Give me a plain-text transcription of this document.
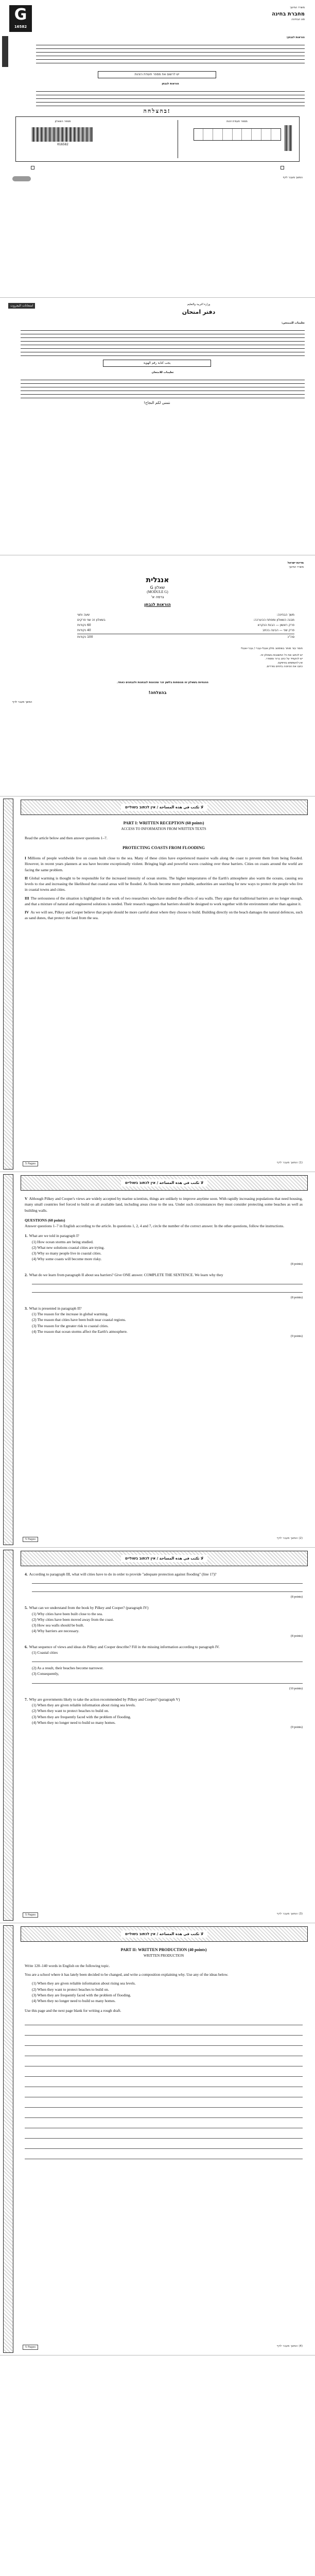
G
16582
משרד החינוך
מחברת בחינה
סוג הבחינה:
הוראות לנבחן:
יש לרשום את מספר תעודת הזהות
הוראות לנבחן
בהצלחה!
מספר השאלון
016582
מספר תעודת זהות
המשך מעבר לדף
امتحانات البجروت	وزارة التربية والتعليم
دفتر امتحان
تعليمات للممتحن:
يجب كتابة رقم الهوية
تعليمات للامتحان
نتمنى لكم النجاح!
מדינת ישראל
משרד החינוך
אנגלית
שאלון G
(MODULE G)
גרסה א'
הוראות לנבחן
משך הבחינה:
שעה וחצי
מבנה השאלון ומפתח ההערכה:
בשאלון זה שני פרקים
פרק ראשון — הבנת הנקרא
60 נקודות
פרק שני — הבעה בכתב
40 נקודות
סה"כ
100 נקודות
חומר עזר מותר בשימוש: מילון אנגלי-עברי / עברי-אנגלי
יש לכתוב את כל התשובות בשאלון זה.
יש להקפיד על כתב ברור ומסודר.
אין להשתמש בטיפקס.
כתבו את הטיוטה בדפים נפרדים.
ההנחיות בשאלון זה מנוסחות בלשון זכר ומכוונות לנבחנות ולנבחנים כאחד.
בהצלחה!
המשך מעבר לדף
لا تكتب في هذه المساحة / אין לכתוב בשוליים
PART I: WRITTEN RECEPTION (60 points)
ACCESS TO INFORMATION FROM WRITTEN TEXTS
Read the article below and then answer questions 1–7.
PROTECTING COASTS FROM FLOODING

I Millions of people worldwide live on coasts built close to the sea. Many of these cities have experienced massive walls along the coast to prevent them from being flooded. However, in recent years planners at sea have become exceptionally violent. Bringing high and powerful waves crashing over these barriers. Cities on coasts around the world are facing the same problem.

II Global warming is thought to be responsible for the increased intensity of ocean storms. The higher temperatures of the Earth's atmosphere also warm the oceans, causing sea levels to rise and increasing the likelihood that coastal areas will be flooded. As floods become more probable, authorities are searching for new ways to protect the people who live in coastal towns and cities.

III The seriousness of the situation is highlighted in the work of two researchers who have studied the effects of sea walls. They argue that traditional barriers are no longer enough, and that a mixture of natural and engineered solutions is needed. Their research suggests that barriers should be designed to work together with the environment rather than against it.

IV As we will see, Pilkey and Cooper believe that people should be more careful about where they choose to build. Building directly on the beach damages the natural defences, such as sand dunes, that protect the land from the sea.

5 Pages	(1) המשך מעבר לדף
لا تكتب في هذه المساحة / אין לכתוב בשוליים

V Although Pilkey and Cooper's views are widely accepted by marine scientists, things are unlikely to improve anytime soon. With rapidly increasing populations that need housing, many small countries feel forced to build on all available land, including areas close to the sea. Under such circumstances they must consider protecting some beaches as well as building walls.

QUESTIONS (60 points)
Answer questions 1–7 in English according to the article. In questions 1, 2, 4 and 7, circle the number of the correct answer. In the other questions, follow the instructions.
1. What are we told in paragraph I?
(1) How ocean storms are being studied.
(2) What new solutions coastal cities are trying.
(3) Why so many people live in coastal cities.
(4) Why some coasts will become more risky.
(8 points)
2. What do we learn from paragraph II about sea barriers? Give ONE answer. COMPLETE THE SENTENCE. We learn why they
(8 points)
3. What is presented in paragraph II?
(1) The reason for the increase in global warming.
(2) The reason that cities have been built near coastal regions.
(3) The reason for the greater risk to coastal cities.
(4) The reason that ocean storms affect the Earth's atmosphere.
(9 points)
5 Pages	(2) המשך מעבר לדף
لا تكتب في هذه المساحة / אין לכתוב בשוליים
4. According to paragraph III, what will cities have to do in order to provide "adequate protection against flooding" (line 17)?
(8 points)
5. What can we understand from the book by Pilkey and Cooper? (paragraph IV)
(1) Why cities have been built close to the sea.
(2) Why cities have been moved away from the coast.
(3) How sea walls should be built.
(4) Why barriers are necessary.
(8 points)
6. What sequence of views and ideas do Pilkey and Cooper describe? Fill in the missing information according to paragraph IV.
(1) Coastal cities
(2) As a result, their beaches become narrower.
(3) Consequently,
(10 points)
7. Why are governments likely to take the action recommended by Pilkey and Cooper? (paragraph V)
(1) When they are given reliable information about rising sea levels.
(2) When they want to protect beaches to build on.
(3) When they are frequently faced with the problem of flooding.
(4) When they no longer need to build so many homes.
(9 points)
5 Pages	(3) המשך מעבר לדף
لا تكتب في هذه المساحة / אין לכתוב בשוליים
PART II: WRITTEN PRODUCTION (40 points)
WRITTEN PRODUCTION
Write 120–140 words in English on the following topic.
You are a school where it has lately been decided to be changed, and write a composition explaining why. Use any of the ideas below.
(1) When they are given reliable information about rising sea levels.
(2) When they want to protect beaches to build on.
(3) When they are frequently faced with the problem of flooding.
(4) When they no longer need to build so many homes.
Use this page and the next page blank for writing a rough draft.
5 Pages	(4) המשך מעבר לדף
